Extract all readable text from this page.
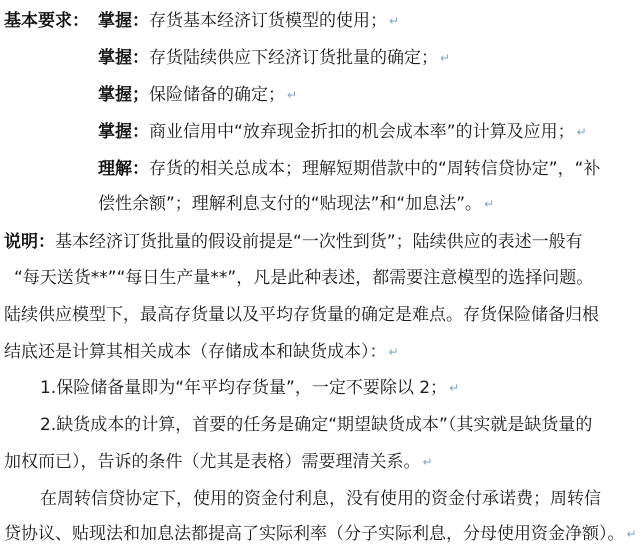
基本要求： 掌握：存货基本经济订货模型的使用； ↵
掌握：存货陆续供应下经济订货批量的确定； ↵
掌握；保险储备的确定； ↵
掌握：商业信用中“放弃现金折扣的机会成本率”的计算及应用； ↵
理解：存货的相关总成本；理解短期借款中的“周转信贷协定”，“补
偿性余额”；理解利息支付的“贴现法”和“加息法”。 ↵
说明：基本经济订货批量的假设前提是“一次性到货”；陆续供应的表述一般有
“每天送货**”“每日生产量**”，凡是此种表述，都需要注意模型的选择问题。
陆续供应模型下，最高存货量以及平均存货量的确定是难点。存货保险储备归根
结底还是计算其相关成本（存储成本和缺货成本）： ↵
1.保险储备量即为“年平均存货量”，一定不要除以 2； ↵
2.缺货成本的计算，首要的任务是确定“期望缺货成本”（其实就是缺货量的
加权而已），告诉的条件（尤其是表格）需要理清关系。 ↵
在周转信贷协定下，使用的资金付利息，没有使用的资金付承诺费；周转信
贷协议、贴现法和加息法都提高了实际利率（分子实际利息，分母使用资金净额）。 ↵
